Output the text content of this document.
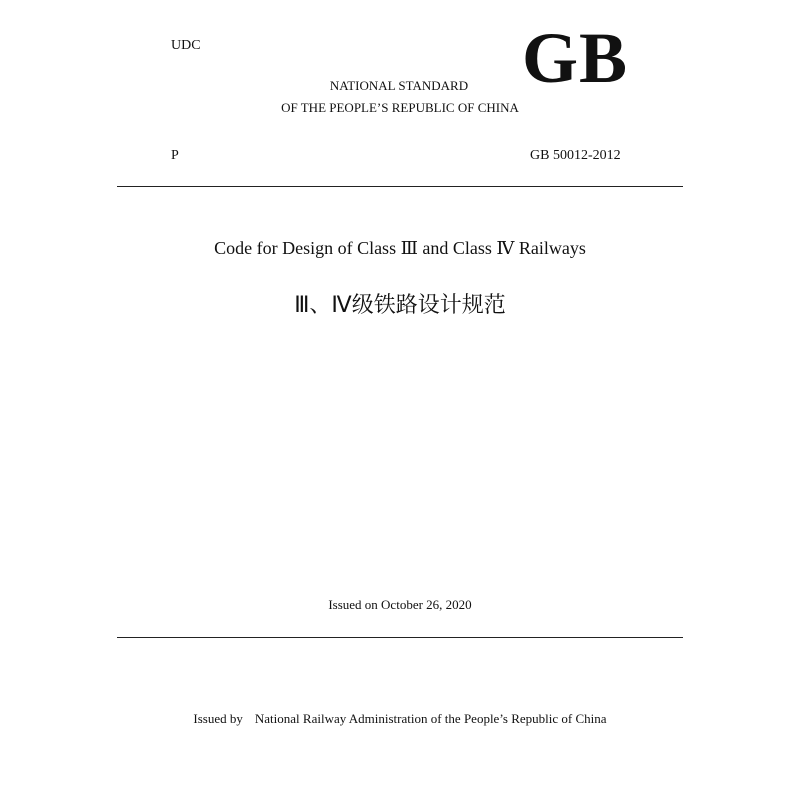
UDC	GB
NATIONAL STANDARD
OF THE PEOPLE’S REPUBLIC OF CHINA
P	GB 50012-2012
Code for Design of Class Ⅲ and Class Ⅳ Railways
Ⅲ、Ⅳ级铁路设计规范
Issued on October 26, 2020
Issued by National Railway Administration of the People’s Republic of China
